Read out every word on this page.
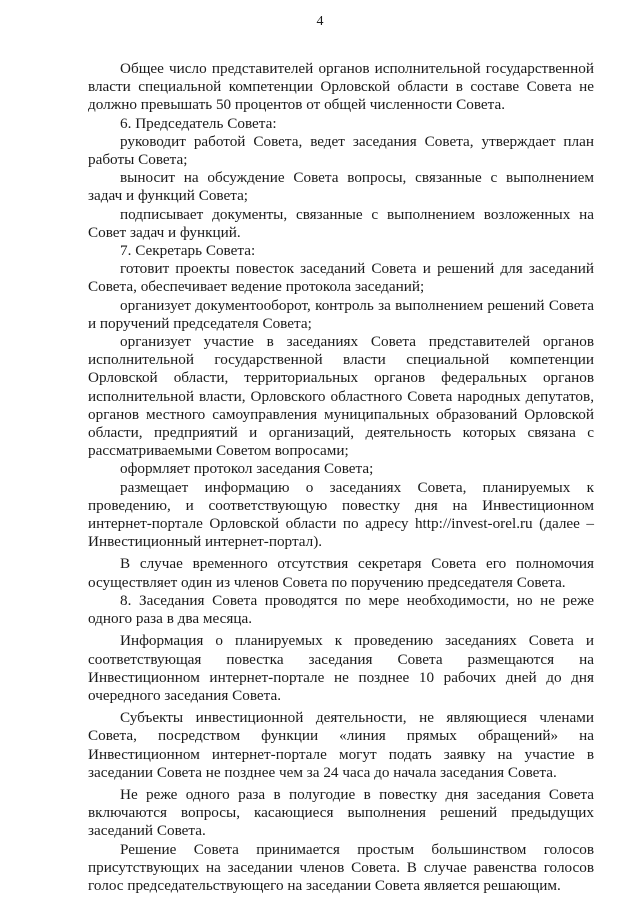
4

Общее число представителей органов исполнительной государственной власти специальной компетенции Орловской области в составе Совета не должно превышать 50 процентов от общей численности Совета.

6. Председатель Совета:

руководит работой Совета, ведет заседания Совета, утверждает план работы Совета;

выносит на обсуждение Совета вопросы, связанные с выполнением задач и функций Совета;

подписывает документы, связанные с выполнением возложенных на Совет задач и функций.

7. Секретарь Совета:

готовит проекты повесток заседаний Совета и решений для заседаний Совета, обеспечивает ведение протокола заседаний;

организует документооборот, контроль за выполнением решений Совета и поручений председателя Совета;

организует участие в заседаниях Совета представителей органов исполнительной государственной власти специальной компетенции Орловской области, территориальных органов федеральных органов исполнительной власти, Орловского областного Совета народных депутатов, органов местного самоуправления муниципальных образований Орловской области, предприятий и организаций, деятельность которых связана с рассматриваемыми Советом вопросами;

оформляет протокол заседания Совета;

размещает информацию о заседаниях Совета, планируемых к проведению, и соответствующую повестку дня на Инвестиционном интернет-портале Орловской области по адресу http://invest-orel.ru (далее – Инвестиционный интернет-портал).

В случае временного отсутствия секретаря Совета его полномочия осуществляет один из членов Совета по поручению председателя Совета.

8. Заседания Совета проводятся по мере необходимости, но не реже одного раза в два месяца.

Информация о планируемых к проведению заседаниях Совета и соответствующая повестка заседания Совета размещаются на Инвестиционном интернет-портале не позднее 10 рабочих дней до дня очередного заседания Совета.

Субъекты инвестиционной деятельности, не являющиеся членами Совета, посредством функции «линия прямых обращений» на Инвестиционном интернет-портале могут подать заявку на участие в заседании Совета не позднее чем за 24 часа до начала заседания Совета.

Не реже одного раза в полугодие в повестку дня заседания Совета включаются вопросы, касающиеся выполнения решений предыдущих заседаний Совета.

Решение Совета принимается простым большинством голосов присутствующих на заседании членов Совета. В случае равенства голосов голос председательствующего на заседании Совета является решающим.
